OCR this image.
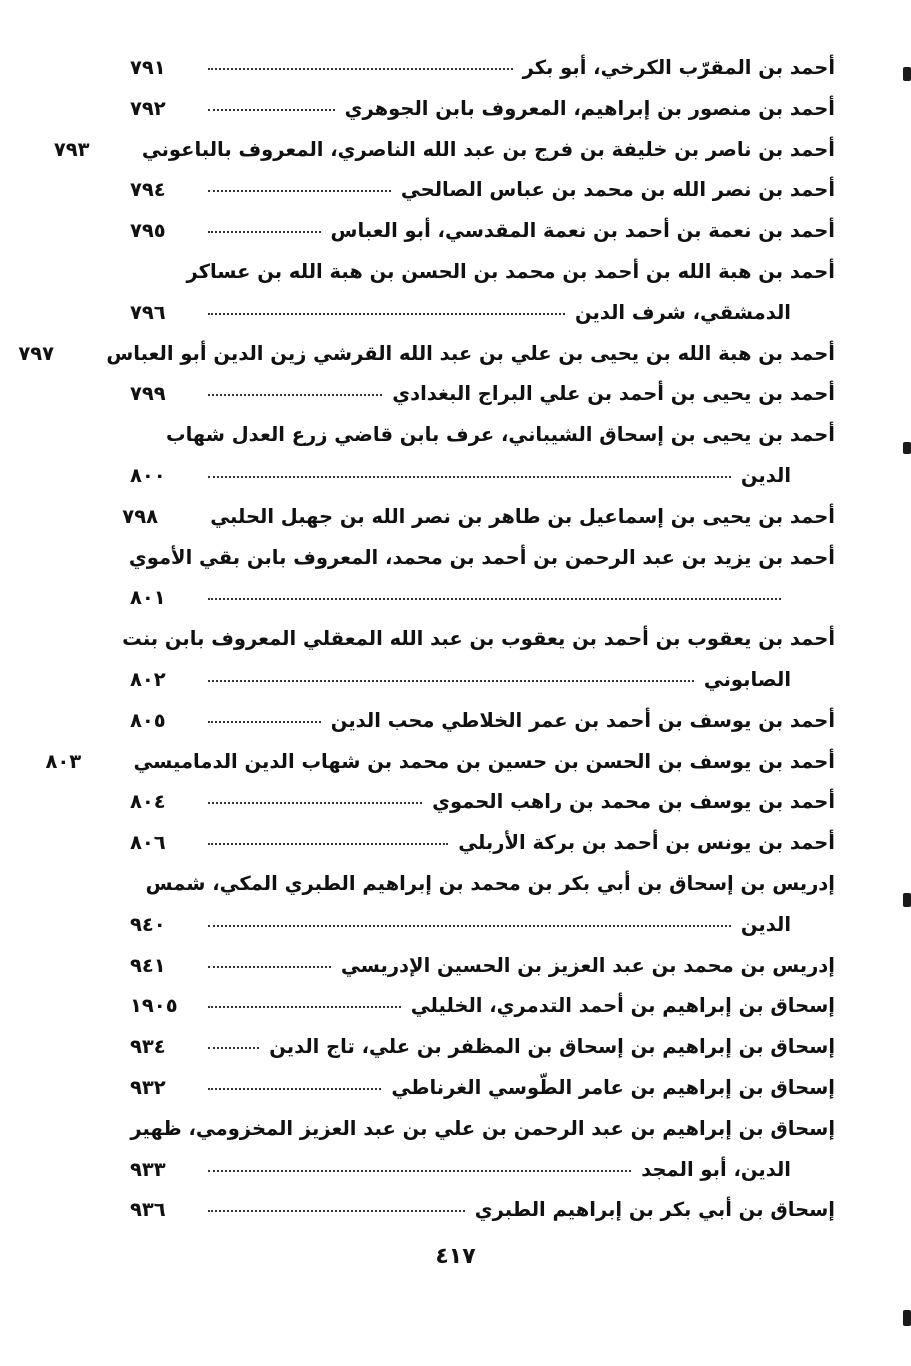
أحمد بن المقرّب الكرخي، أبو بكر
٧٩١
أحمد بن منصور بن إبراهيم، المعروف بابن الجوهري
٧٩٢
أحمد بن ناصر بن خليفة بن فرج بن عبد الله الناصري، المعروف بالباعوني
٧٩٣
أحمد بن نصر الله بن محمد بن عباس الصالحي
٧٩٤
أحمد بن نعمة بن أحمد بن نعمة المقدسي، أبو العباس
٧٩٥
أحمد بن هبة الله بن أحمد بن محمد بن الحسن بن هبة الله بن عساكر
الدمشقي، شرف الدين
٧٩٦
أحمد بن هبة الله بن يحيى بن علي بن عبد الله القرشي زين الدين أبو العباس
٧٩٧
أحمد بن يحيى بن أحمد بن علي البراج البغدادي
٧٩٩
أحمد بن يحيى بن إسحاق الشيباني، عرف بابن قاضي زرع العدل شهاب
الدين
٨٠٠
أحمد بن يحيى بن إسماعيل بن طاهر بن نصر الله بن جهبل الحلبي
٧٩٨
أحمد بن يزيد بن عبد الرحمن بن أحمد بن محمد، المعروف بابن بقي الأموي
٨٠١
أحمد بن يعقوب بن أحمد بن يعقوب بن عبد الله المعقلي المعروف بابن بنت
الصابوني
٨٠٢
أحمد بن يوسف بن أحمد بن عمر الخلاطي محب الدين
٨٠٥
أحمد بن يوسف بن الحسن بن حسين بن محمد بن شهاب الدين الدماميسي
٨٠٣
أحمد بن يوسف بن محمد بن راهب الحموي
٨٠٤
أحمد بن يونس بن أحمد بن بركة الأربلي
٨٠٦
إدريس بن إسحاق بن أبي بكر بن محمد بن إبراهيم الطبري المكي، شمس
الدين
٩٤٠
إدريس بن محمد بن عبد العزيز بن الحسين الإدريسي
٩٤١
إسحاق بن إبراهيم بن أحمد التدمري، الخليلي
١٩٠٥
إسحاق بن إبراهيم بن إسحاق بن المظفر بن علي، تاج الدين
٩٣٤
إسحاق بن إبراهيم بن عامر الطّوسي الغرناطي
٩٣٢
إسحاق بن إبراهيم بن عبد الرحمن بن علي بن عبد العزيز المخزومي، ظهير
الدين، أبو المجد
٩٣٣
إسحاق بن أبي بكر بن إبراهيم الطبري
٩٣٦
٤١٧
